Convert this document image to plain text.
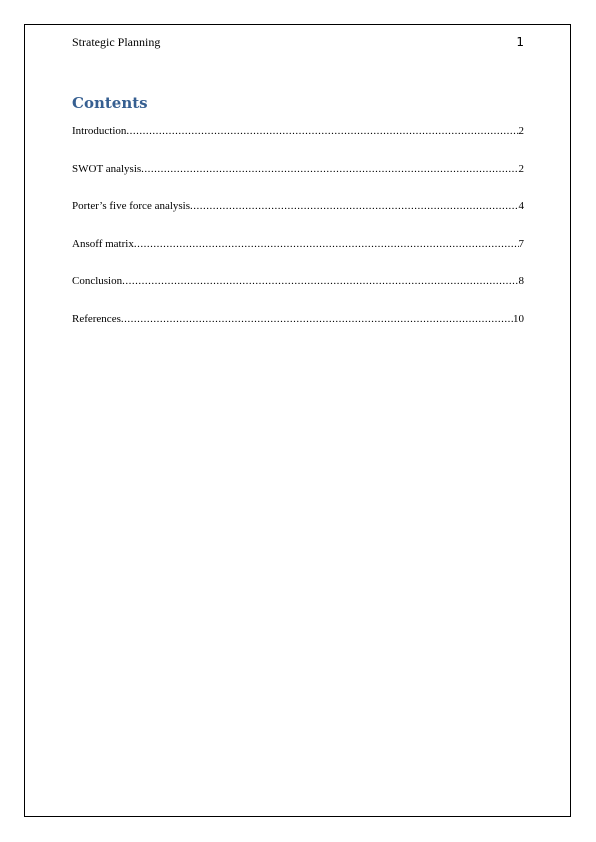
Strategic Planning	1
Contents
Introduction .....	2
SWOT analysis .....	2
Porter’s five force analysis .....	4
Ansoff matrix .....	7
Conclusion .....	8
References .....	10
